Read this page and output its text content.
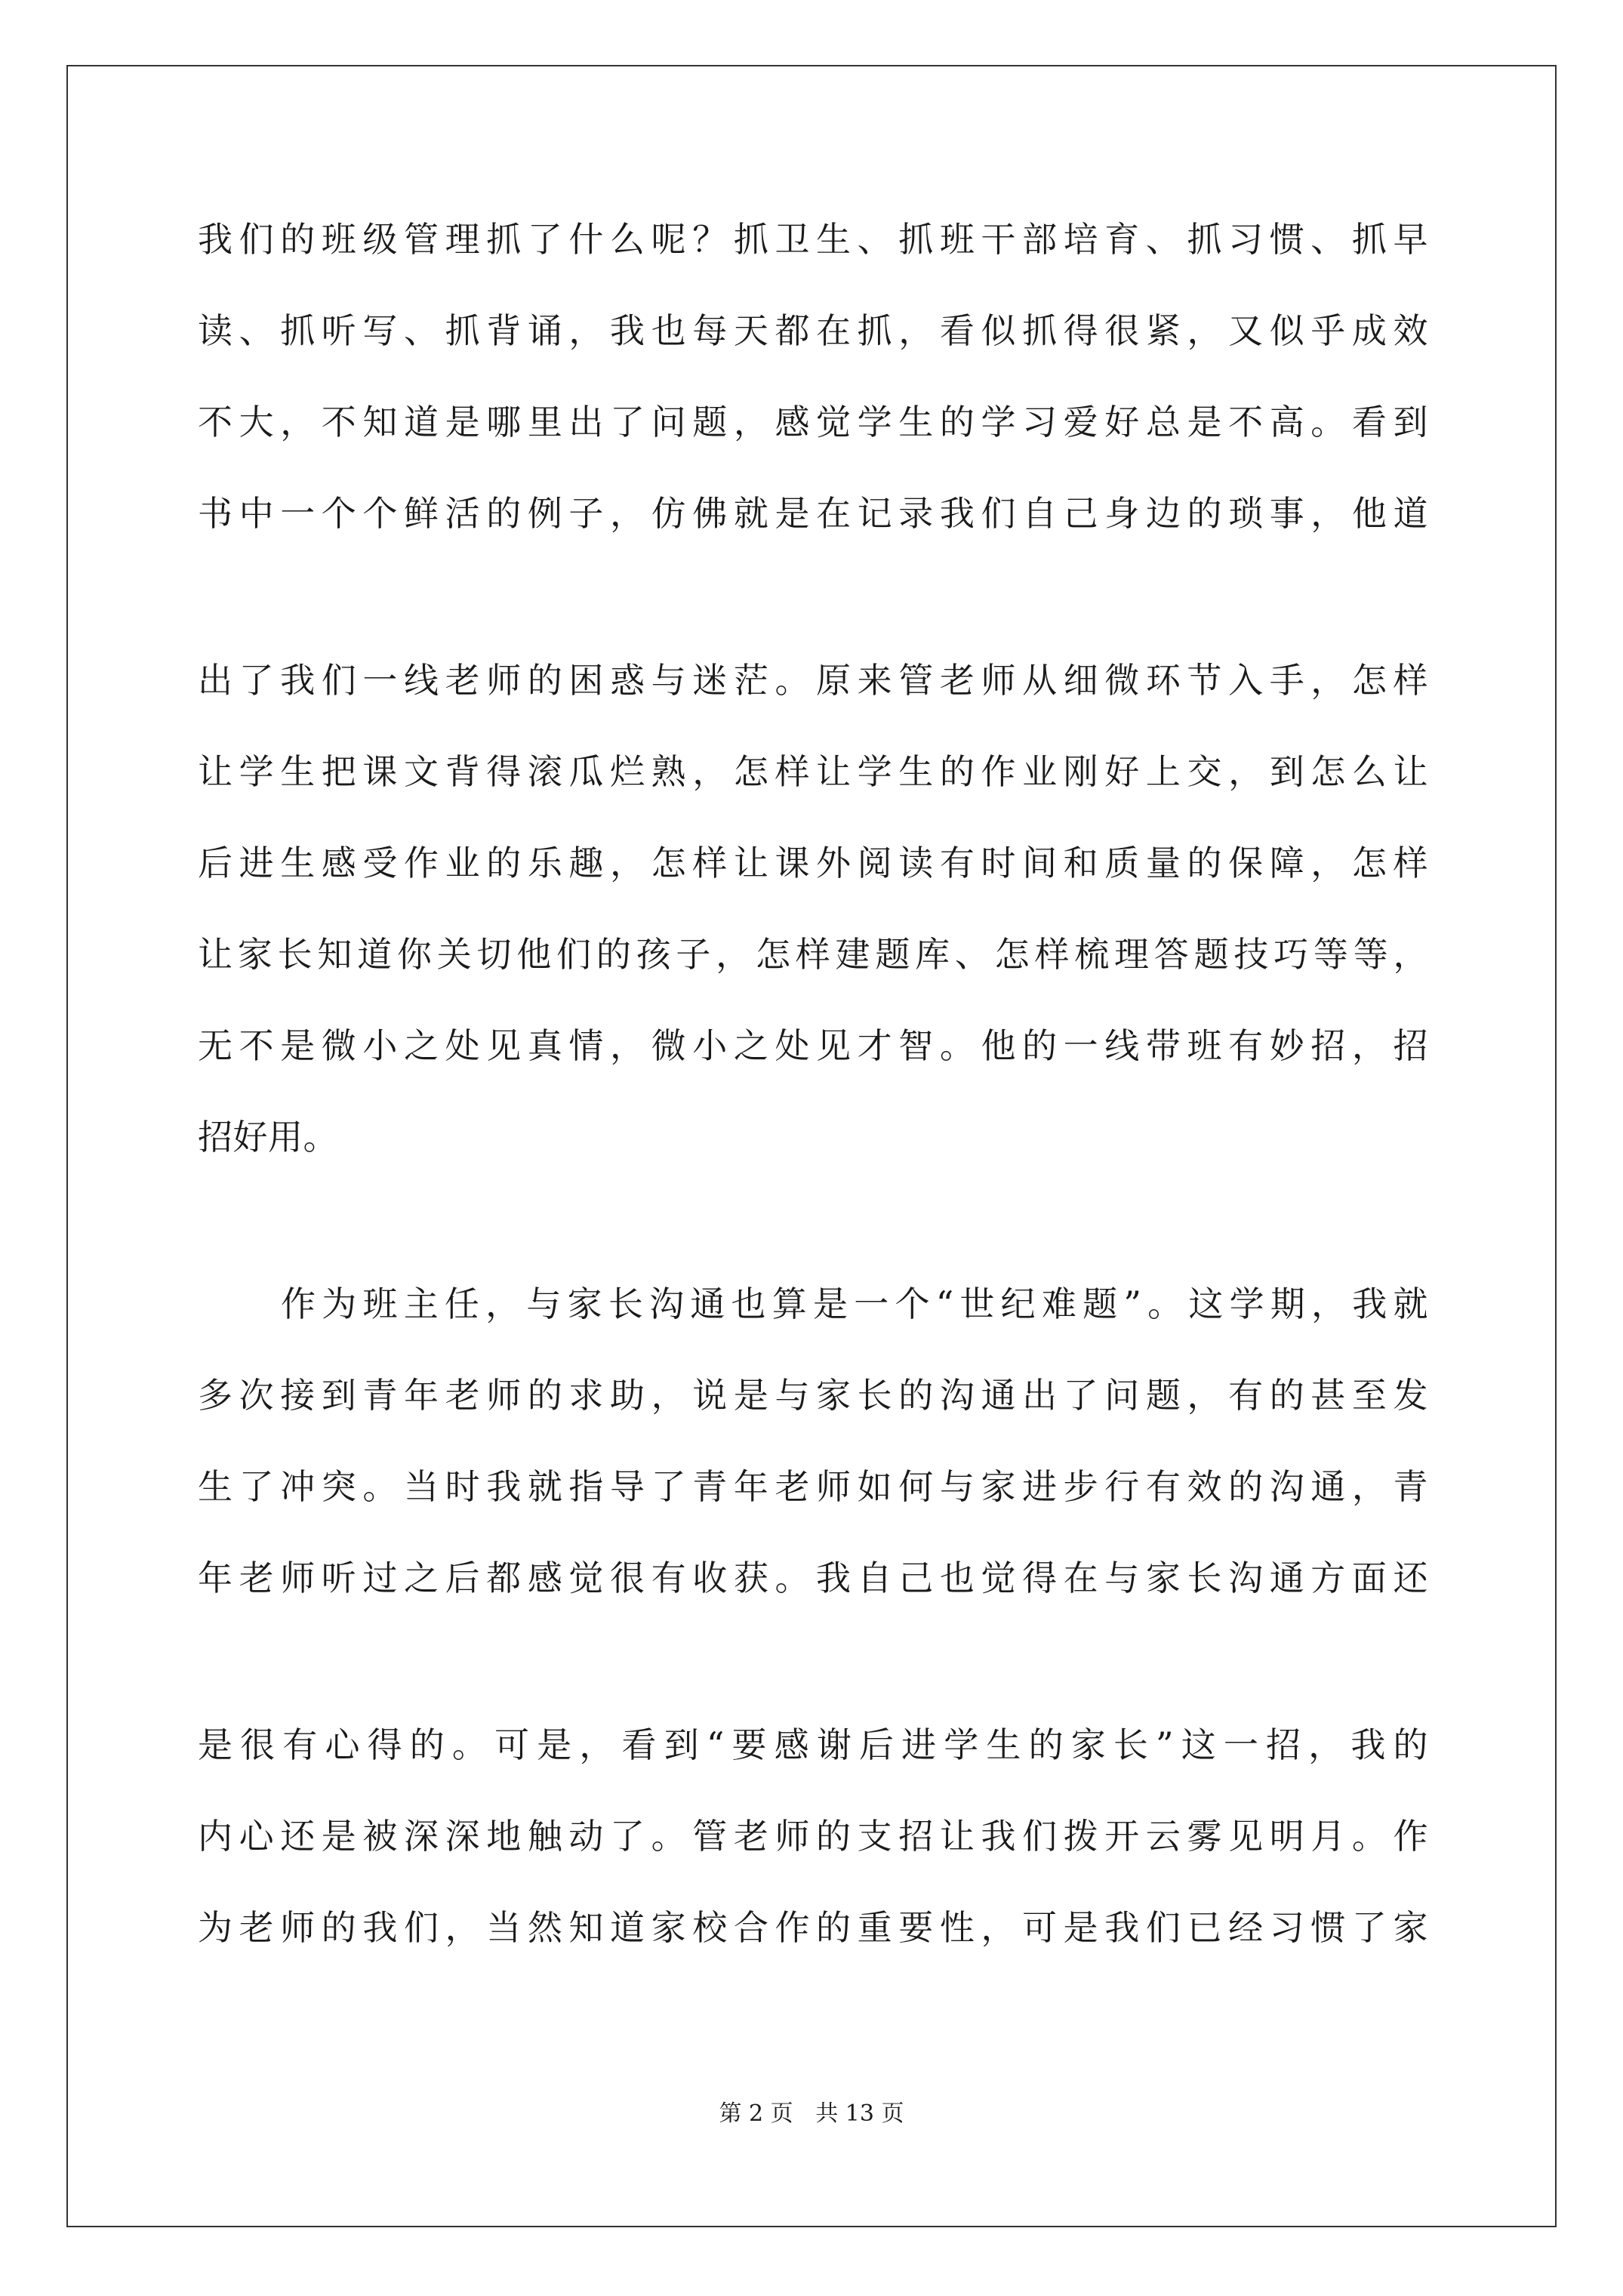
我们的班级管理抓了什么呢？抓卫生、抓班干部培育、抓习惯、抓早
读、抓听写、抓背诵，我也每天都在抓，看似抓得很紧，又似乎成效
不大，不知道是哪里出了问题，感觉学生的学习爱好总是不高。看到
书中一个个鲜活的例子，仿佛就是在记录我们自己身边的琐事，他道
出了我们一线老师的困惑与迷茫。原来管老师从细微环节入手，怎样
让学生把课文背得滚瓜烂熟，怎样让学生的作业刚好上交，到怎么让
后进生感受作业的乐趣，怎样让课外阅读有时间和质量的保障，怎样
让家长知道你关切他们的孩子，怎样建题库、怎样梳理答题技巧等等，
无不是微小之处见真情，微小之处见才智。他的一线带班有妙招，招
招好用。
作为班主任，与家长沟通也算是一个“世纪难题”。这学期，我就
多次接到青年老师的求助，说是与家长的沟通出了问题，有的甚至发
生了冲突。当时我就指导了青年老师如何与家进步行有效的沟通，青
年老师听过之后都感觉很有收获。我自己也觉得在与家长沟通方面还
是很有心得的。可是，看到“要感谢后进学生的家长”这一招，我的
内心还是被深深地触动了。管老师的支招让我们拨开云雾见明月。作
为老师的我们，当然知道家校合作的重要性，可是我们已经习惯了家
第 2 页 共 13 页
